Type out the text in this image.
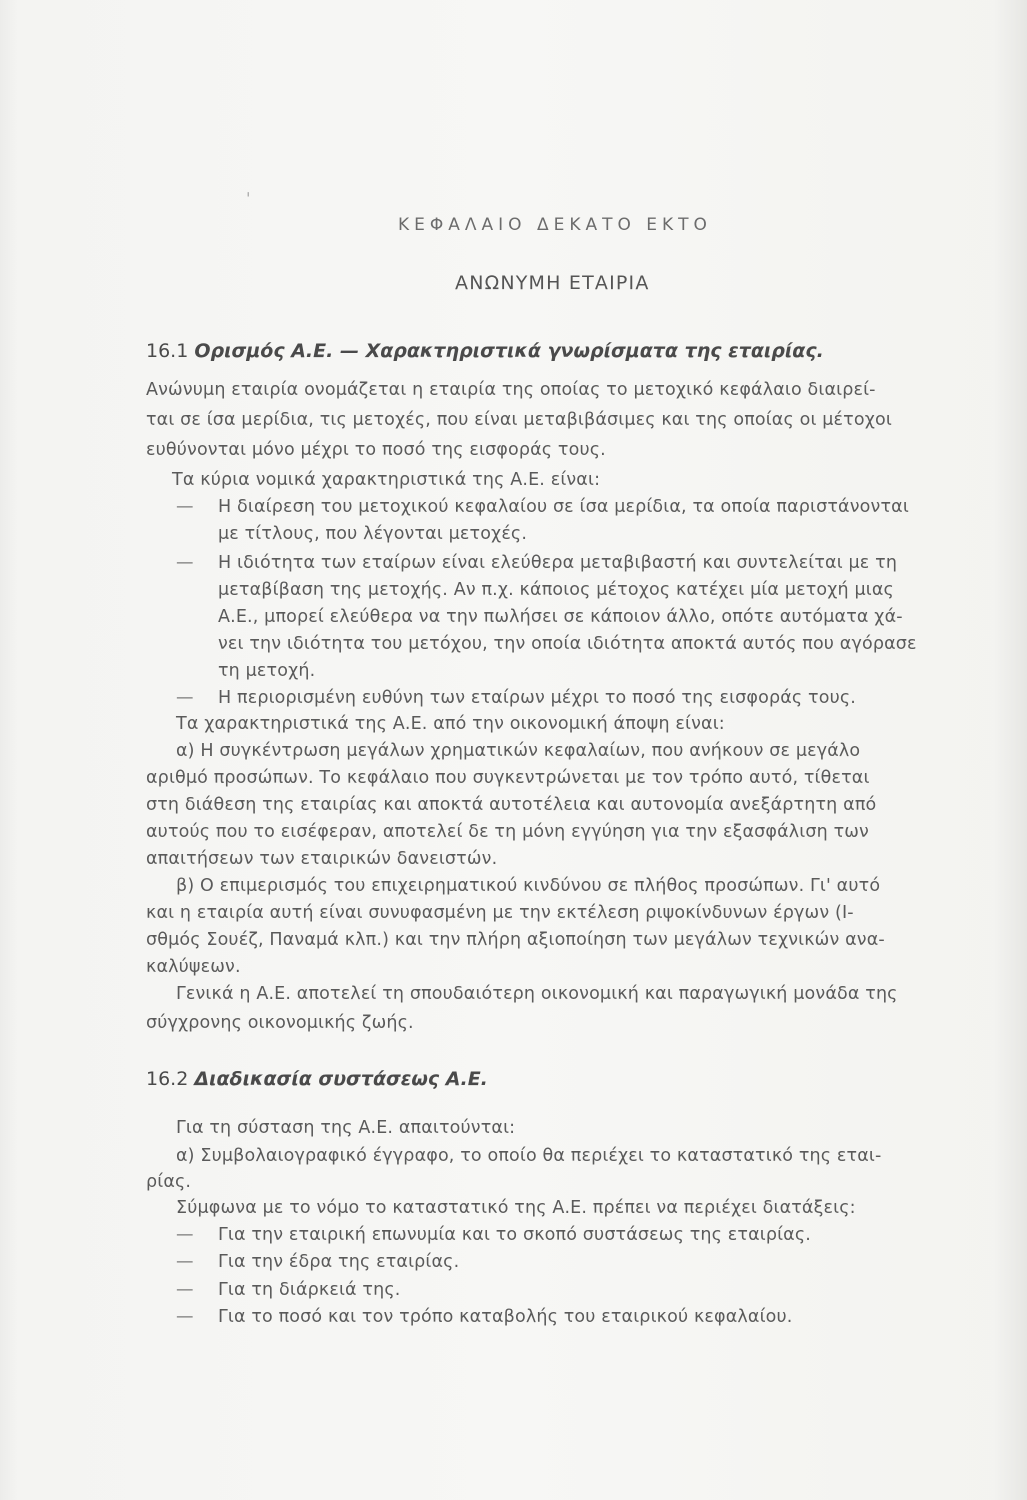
ˌ
ΚΕΦΑΛΑΙΟ ΔΕΚΑΤΟ ΕΚΤΟ
ΑΝΩΝΥΜΗ ΕΤΑΙΡΙΑ
16.1 Ορισμός Α.Ε. — Χαρακτηριστικά γνωρίσματα της εταιρίας.
Ανώνυμη εταιρία ονομάζεται η εταιρία της οποίας το μετοχικό κεφάλαιο διαιρεί-
ται σε ίσα μερίδια, τις μετοχές, που είναι μεταβιβάσιμες και της οποίας οι μέτοχοι
ευθύνονται μόνο μέχρι το ποσό της εισφοράς τους.
Τα κύρια νομικά χαρακτηριστικά της Α.Ε. είναι:
— Η διαίρεση του μετοχικού κεφαλαίου σε ίσα μερίδια, τα οποία παριστάνονται
με τίτλους, που λέγονται μετοχές.
— Η ιδιότητα των εταίρων είναι ελεύθερα μεταβιβαστή και συντελείται με τη
μεταβίβαση της μετοχής. Αν π.χ. κάποιος μέτοχος κατέχει μία μετοχή μιας
Α.Ε., μπορεί ελεύθερα να την πωλήσει σε κάποιον άλλο, οπότε αυτόματα χά-
νει την ιδιότητα του μετόχου, την οποία ιδιότητα αποκτά αυτός που αγόρασε
τη μετοχή.
— Η περιορισμένη ευθύνη των εταίρων μέχρι το ποσό της εισφοράς τους.
Τα χαρακτηριστικά της Α.Ε. από την οικονομική άποψη είναι:
α) Η συγκέντρωση μεγάλων χρηματικών κεφαλαίων, που ανήκουν σε μεγάλο
αριθμό προσώπων. Το κεφάλαιο που συγκεντρώνεται με τον τρόπο αυτό, τίθεται
στη διάθεση της εταιρίας και αποκτά αυτοτέλεια και αυτονομία ανεξάρτητη από
αυτούς που το εισέφεραν, αποτελεί δε τη μόνη εγγύηση για την εξασφάλιση των
απαιτήσεων των εταιρικών δανειστών.
β) Ο επιμερισμός του επιχειρηματικού κινδύνου σε πλήθος προσώπων. Γι' αυτό
και η εταιρία αυτή είναι συνυφασμένη με την εκτέλεση ριψοκίνδυνων έργων (Ι-
σθμός Σουέζ, Παναμά κλπ.) και την πλήρη αξιοποίηση των μεγάλων τεχνικών ανα-
καλύψεων.
Γενικά η Α.Ε. αποτελεί τη σπουδαιότερη οικονομική και παραγωγική μονάδα της
σύγχρονης οικονομικής ζωής.
16.2 Διαδικασία συστάσεως Α.Ε.
Για τη σύσταση της Α.Ε. απαιτούνται:
α) Συμβολαιογραφικό έγγραφο, το οποίο θα περιέχει το καταστατικό της εται-
ρίας.
Σύμφωνα με το νόμο το καταστατικό της Α.Ε. πρέπει να περιέχει διατάξεις:
— Για την εταιρική επωνυμία και το σκοπό συστάσεως της εταιρίας.
— Για την έδρα της εταιρίας.
— Για τη διάρκειά της.
— Για το ποσό και τον τρόπο καταβολής του εταιρικού κεφαλαίου.
